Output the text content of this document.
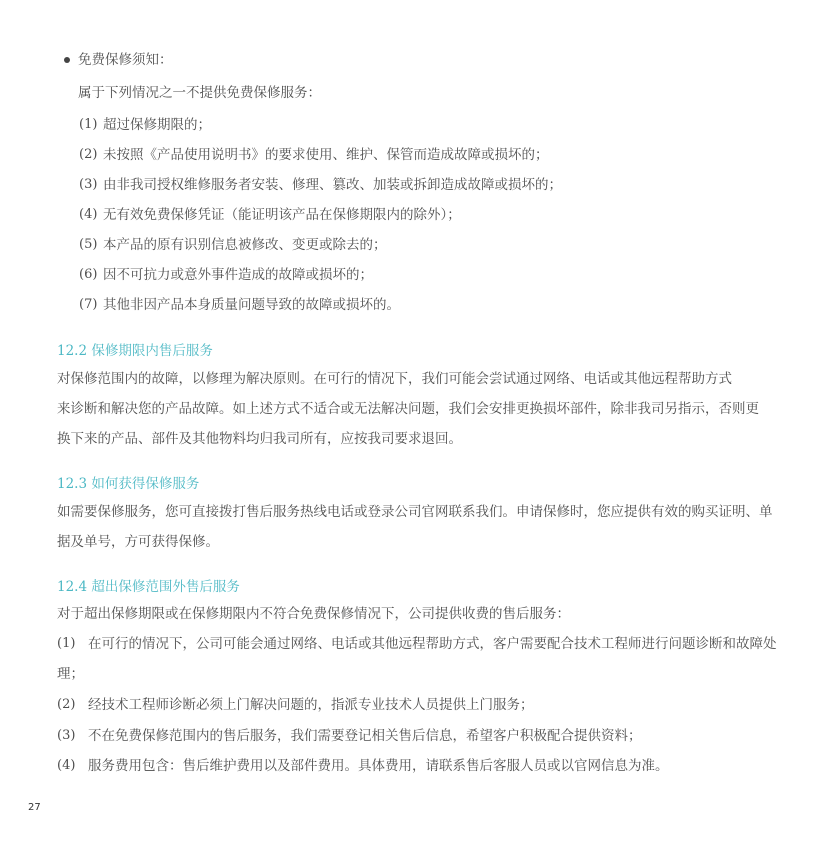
免费保修须知：
属于下列情况之一不提供免费保修服务：
(1) 超过保修期限的；
(2) 未按照《产品使用说明书》的要求使用、维护、保管而造成故障或损坏的；
(3) 由非我司授权维修服务者安装、修理、篡改、加装或拆卸造成故障或损坏的；
(4) 无有效免费保修凭证（能证明该产品在保修期限内的除外）；
(5) 本产品的原有识别信息被修改、变更或除去的；
(6) 因不可抗力或意外事件造成的故障或损坏的；
(7) 其他非因产品本身质量问题导致的故障或损坏的。
12.2 保修期限内售后服务
对保修范围内的故障，以修理为解决原则。在可行的情况下，我们可能会尝试通过网络、电话或其他远程帮助方式
来诊断和解决您的产品故障。如上述方式不适合或无法解决问题，我们会安排更换损坏部件，除非我司另指示，否则更
换下来的产品、部件及其他物料均归我司所有，应按我司要求退回。
12.3 如何获得保修服务
如需要保修服务，您可直接拨打售后服务热线电话或登录公司官网联系我们。申请保修时，您应提供有效的购买证明、单
据及单号，方可获得保修。
12.4 超出保修范围外售后服务
对于超出保修期限或在保修期限内不符合免费保修情况下，公司提供收费的售后服务：
(1) 在可行的情况下，公司可能会通过网络、电话或其他远程帮助方式，客户需要配合技术工程师进行问题诊断和故障处
理；
(2) 经技术工程师诊断必须上门解决问题的，指派专业技术人员提供上门服务；
(3) 不在免费保修范围内的售后服务，我们需要登记相关售后信息，希望客户积极配合提供资料；
(4) 服务费用包含：售后维护费用以及部件费用。具体费用，请联系售后客服人员或以官网信息为准。
27
